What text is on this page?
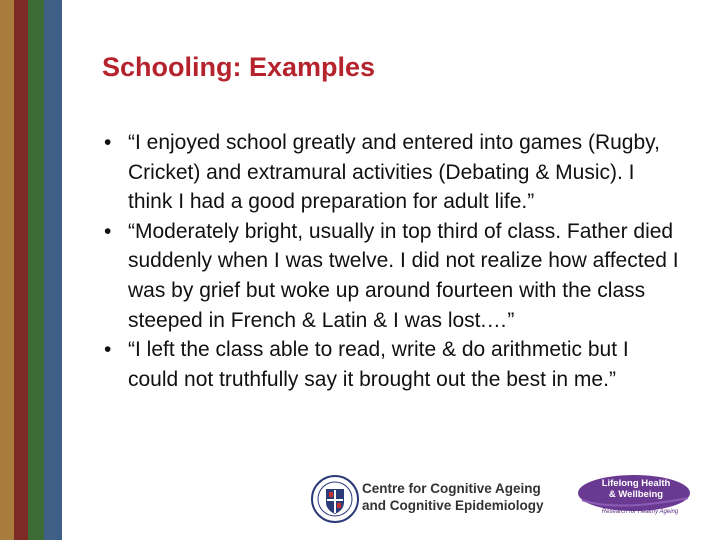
Schooling: Examples
• “I enjoyed school greatly and entered into games (Rugby, Cricket) and extramural activities (Debating & Music). I think I had a good preparation for adult life.”
• “Moderately bright, usually in top third of class. Father died suddenly when I was twelve. I did not realize how affected I was by grief but woke up around fourteen with the class steeped in French & Latin & I was lost.…”
• “I left the class able to read, write & do arithmetic but I could not truthfully say it brought out the best in me.”
Centre for Cognitive Ageing
and Cognitive Epidemiology
Lifelong Health
& Wellbeing
Research for Healthy Ageing
